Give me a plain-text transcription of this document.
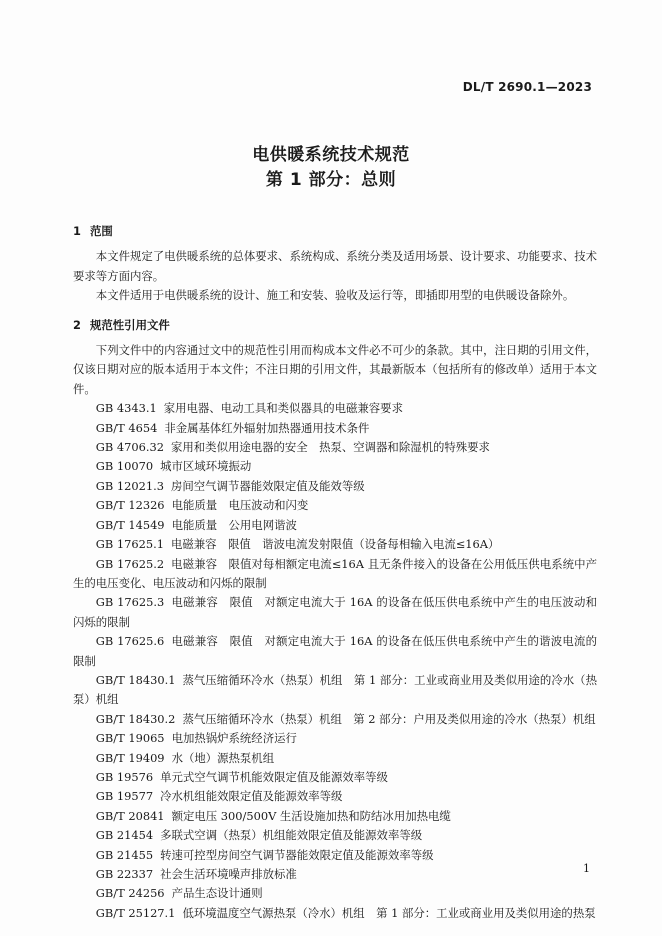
DL/T 2690.1—2023
电供暖系统技术规范
第 1 部分：总则

1 范围

本文件规定了电供暖系统的总体要求、系统构成、系统分类及适用场景、设计要求、功能要求、技术要求等方面内容。

本文件适用于电供暖系统的设计、施工和安装、验收及运行等，即插即用型的电供暖设备除外。

2 规范性引用文件

下列文件中的内容通过文中的规范性引用而构成本文件必不可少的条款。其中，注日期的引用文件，仅该日期对应的版本适用于本文件；不注日期的引用文件，其最新版本（包括所有的修改单）适用于本文件。

GB 4343.1 家用电器、电动工具和类似器具的电磁兼容要求

GB/T 4654 非金属基体红外辐射加热器通用技术条件

GB 4706.32 家用和类似用途电器的安全　热泵、空调器和除湿机的特殊要求

GB 10070 城市区域环境振动

GB 12021.3 房间空气调节器能效限定值及能效等级

GB/T 12326 电能质量　电压波动和闪变

GB/T 14549 电能质量　公用电网谐波

GB 17625.1 电磁兼容　限值　谐波电流发射限值（设备每相输入电流≤16A）

GB 17625.2 电磁兼容　限值对每相额定电流≤16A 且无条件接入的设备在公用低压供电系统中产生的电压变化、电压波动和闪烁的限制

GB 17625.3 电磁兼容　限值　对额定电流大于 16A 的设备在低压供电系统中产生的电压波动和闪烁的限制

GB 17625.6 电磁兼容　限值　对额定电流大于 16A 的设备在低压供电系统中产生的谐波电流的限制

GB/T 18430.1 蒸气压缩循环冷水（热泵）机组　第 1 部分：工业或商业用及类似用途的冷水（热泵）机组

GB/T 18430.2 蒸气压缩循环冷水（热泵）机组　第 2 部分：户用及类似用途的冷水（热泵）机组

GB/T 19065 电加热锅炉系统经济运行

GB/T 19409 水（地）源热泵机组

GB 19576 单元式空气调节机能效限定值及能源效率等级

GB 19577 冷水机组能效限定值及能源效率等级

GB/T 20841 额定电压 300/500V 生活设施加热和防结冰用加热电缆

GB 21454 多联式空调（热泵）机组能效限定值及能源效率等级

GB 21455 转速可控型房间空气调节器能效限定值及能源效率等级

GB 22337 社会生活环境噪声排放标准

GB/T 24256 产品生态设计通则

GB/T 25127.1 低环境温度空气源热泵（冷水）机组　第 1 部分：工业或商业用及类似用途的热泵

1
